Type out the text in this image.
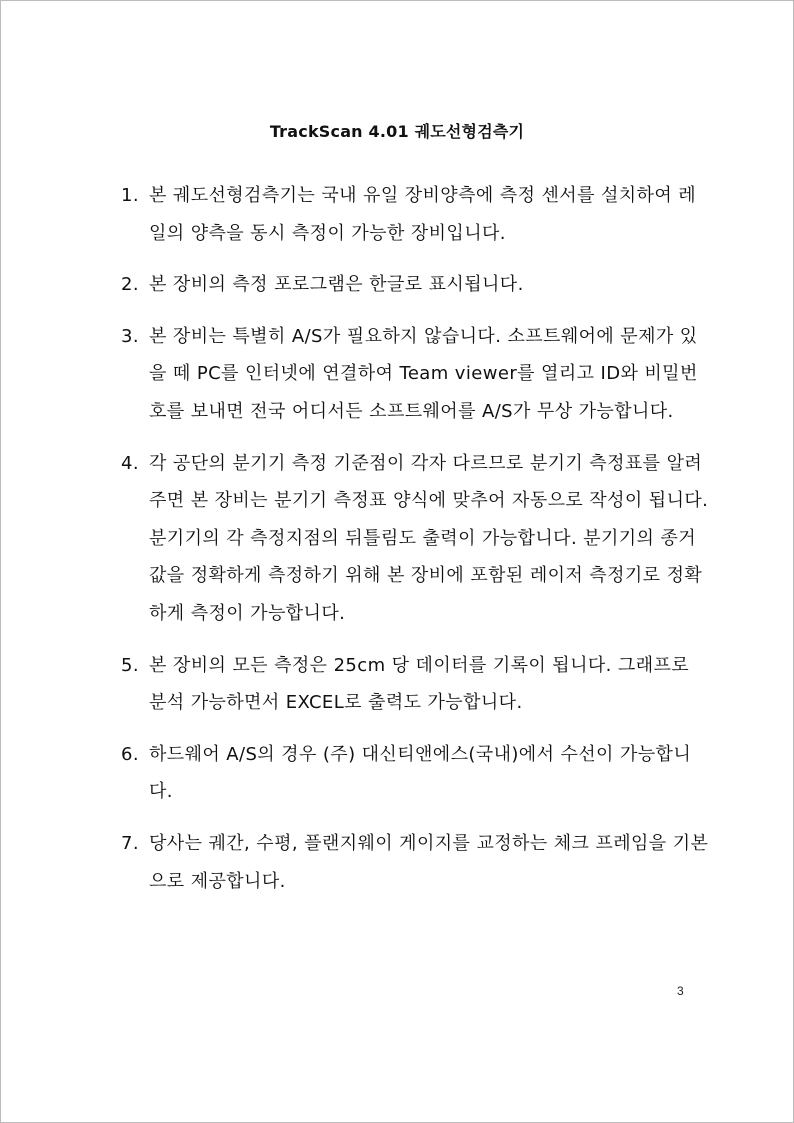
TrackScan 4.01 궤도선형검측기
1. 본 궤도선형검측기는 국내 유일 장비양측에 측정 센서를 설치하여 레일의 양측을 동시 측정이 가능한 장비입니다.
2. 본 장비의 측정 포로그램은 한글로 표시됩니다.
3. 본 장비는 특별히 A/S가 필요하지 않습니다. 소프트웨어에 문제가 있을 떼 PC를 인터넷에 연결하여 Team viewer를 열리고 ID와 비밀번호를 보내면 전국 어디서든 소프트웨어를 A/S가 무상 가능합니다.
4. 각 공단의 분기기 측정 기준점이 각자 다르므로 분기기 측정표를 알려주면 본 장비는 분기기 측정표 양식에 맞추어 자동으로 작성이 됩니다. 분기기의 각 측정지점의 뒤틀림도 출력이 가능합니다. 분기기의 종거 값을 정확하게 측정하기 위해 본 장비에 포함된 레이저 측정기로 정확하게 측정이 가능합니다.
5. 본 장비의 모든 측정은 25cm 당 데이터를 기록이 됩니다. 그래프로 분석 가능하면서 EXCEL로 출력도 가능합니다.
6. 하드웨어 A/S의 경우 (주) 대신티앤에스(국내)에서 수선이 가능합니다.
7. 당사는 궤간, 수평, 플랜지웨이 게이지를 교정하는 체크 프레임을 기본으로 제공합니다.
3
